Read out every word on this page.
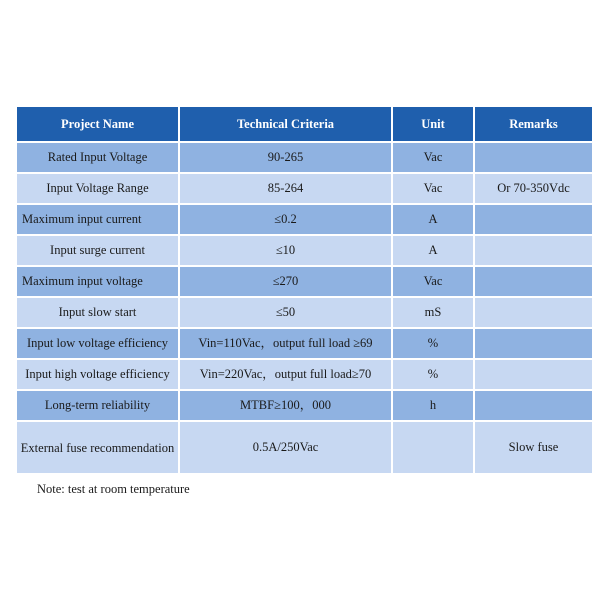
Project Name	Technical Criteria	Unit	Remarks
Rated Input Voltage	90-265	Vac	
Input Voltage Range	85-264	Vac	Or 70-350Vdc
Maximum input current	≤0.2	A	
Input surge current	≤10	A	
Maximum input voltage	≤270	Vac	
Input slow start	≤50	mS	
Input low voltage efficiency	Vin=110Vac，output full load ≥69	%	
Input high voltage efficiency	Vin=220Vac，output full load≥70	%	
Long-term reliability	MTBF≥100，000	h	
External fuse recommendation	0.5A/250Vac		Slow fuse
Note: test at room temperature
